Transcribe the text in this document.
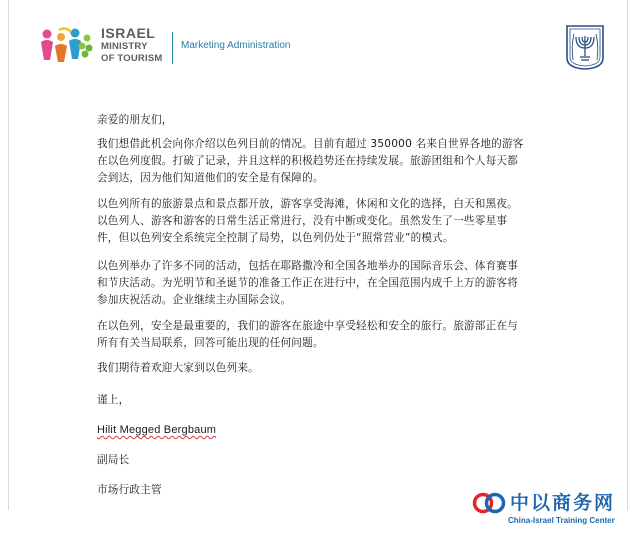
ISRAEL
MINISTRY
OF TOURISM
Marketing Administration

亲爱的朋友们，

我们想借此机会向你介绍以色列目前的情况。目前有超过 350000 名来自世界各地的游客

在以色列度假。打破了记录，并且这样的积极趋势还在持续发展。旅游团组和个人每天都

会到达，因为他们知道他们的安全是有保障的。

以色列所有的旅游景点和景点都开放，游客享受海滩，休闲和文化的选择，白天和黑夜。

以色列人、游客和游客的日常生活正常进行，没有中断或变化。虽然发生了一些零星事

件，但以色列安全系统完全控制了局势，以色列仍处于“照常营业”的模式。

以色列举办了许多不同的活动，包括在耶路撒冷和全国各地举办的国际音乐会、体育赛事

和节庆活动。为光明节和圣诞节的准备工作正在进行中，在全国范围内成千上万的游客将

参加庆祝活动。企业继续主办国际会议。

在以色列，安全是最重要的，我们的游客在旅途中享受轻松和安全的旅行。旅游部正在与

所有有关当局联系，回答可能出现的任何问题。

我们期待着欢迎大家到以色列来。

谨上，

Hilit Megged Bergbaum

副局长

市场行政主管

中以商务网
China-Israel Training Center
